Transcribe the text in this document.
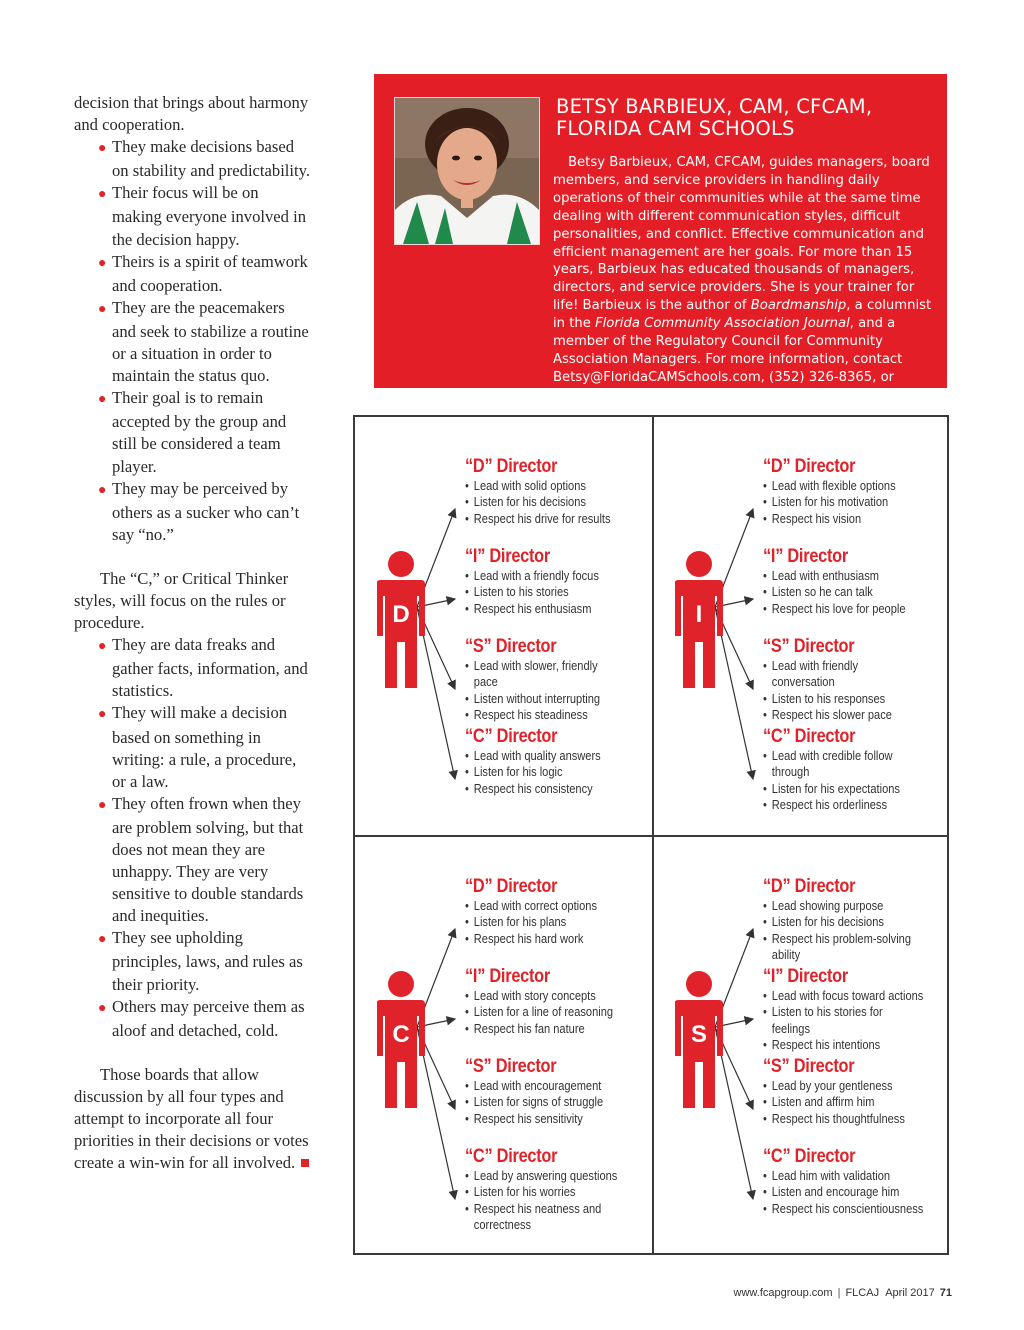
decision that brings about harmony and cooperation.

● They make decisions based on stability and predictability.
● Their focus will be on making everyone involved in the decision happy.
● Theirs is a spirit of teamwork and cooperation.
● They are the peacemakers and seek to stabilize a routine or a situation in order to maintain the status quo.
● Their goal is to remain accepted by the group and still be considered a team player.
● They may be perceived by others as a sucker who can’t say “no.”

The “C,” or Critical Thinker styles, will focus on the rules or procedure.

● They are data freaks and gather facts, information, and statistics.
● They will make a decision based on something in writing: a rule, a procedure, or a law.
● They often frown when they are problem solving, but that does not mean they are unhappy. They are very sensitive to double standards and inequities.
● They see upholding principles, laws, and rules as their priority.
● Others may perceive them as aloof and detached, cold.

Those boards that allow discussion by all four types and attempt to incorporate all four priorities in their decisions or votes create a win-win for all involved.

BETSY BARBIEUX, CAM, CFCAM,
FLORIDA CAM SCHOOLS

Betsy Barbieux, CAM, CFCAM, guides managers, board members, and service providers in handling daily operations of their communities while at the same time dealing with different communication styles, difficult personalities, and conflict. Effective communication and efficient management are her goals. For more than 15 years, Barbieux has educated thousands of managers, directors, and service providers. She is your trainer for life! Barbieux is the author of Boardmanship, a columnist in the Florida Community Association Journal, and a member of the Regulatory Council for Community Association Managers. For more information, contact Betsy@FloridaCAMSchools.com, (352) 326-8365, or www.FloridaCAMSchools.com.

D
“D” Director
• Lead with solid options
• Listen for his decisions
• Respect his drive for results
“I” Director
• Lead with a friendly focus
• Listen to his stories
• Respect his enthusiasm
“S” Director
• Lead with slower, friendly pace
• Listen without interrupting
• Respect his steadiness
“C” Director
• Lead with quality answers
• Listen for his logic
• Respect his consistency
I
“D” Director
• Lead with flexible options
• Listen for his motivation
• Respect his vision
“I” Director
• Lead with enthusiasm
• Listen so he can talk
• Respect his love for people
“S” Director
• Lead with friendly conversation
• Listen to his responses
• Respect his slower pace
“C” Director
• Lead with credible follow through
• Listen for his expectations
• Respect his orderliness
C
“D” Director
• Lead with correct options
• Listen for his plans
• Respect his hard work
“I” Director
• Lead with story concepts
• Listen for a line of reasoning
• Respect his fan nature
“S” Director
• Lead with encouragement
• Listen for signs of struggle
• Respect his sensitivity
“C” Director
• Lead by answering questions
• Listen for his worries
• Respect his neatness and correctness
S
“D” Director
• Lead showing purpose
• Listen for his decisions
• Respect his problem-solving ability
“I” Director
• Lead with focus toward actions
• Listen to his stories for feelings
• Respect his intentions
“S” Director
• Lead by your gentleness
• Listen and affirm him
• Respect his thoughtfulness
“C” Director
• Lead him with validation
• Listen and encourage him
• Respect his conscientiousness
www.fcapgroup.com | FLCAJ April 2017 71
